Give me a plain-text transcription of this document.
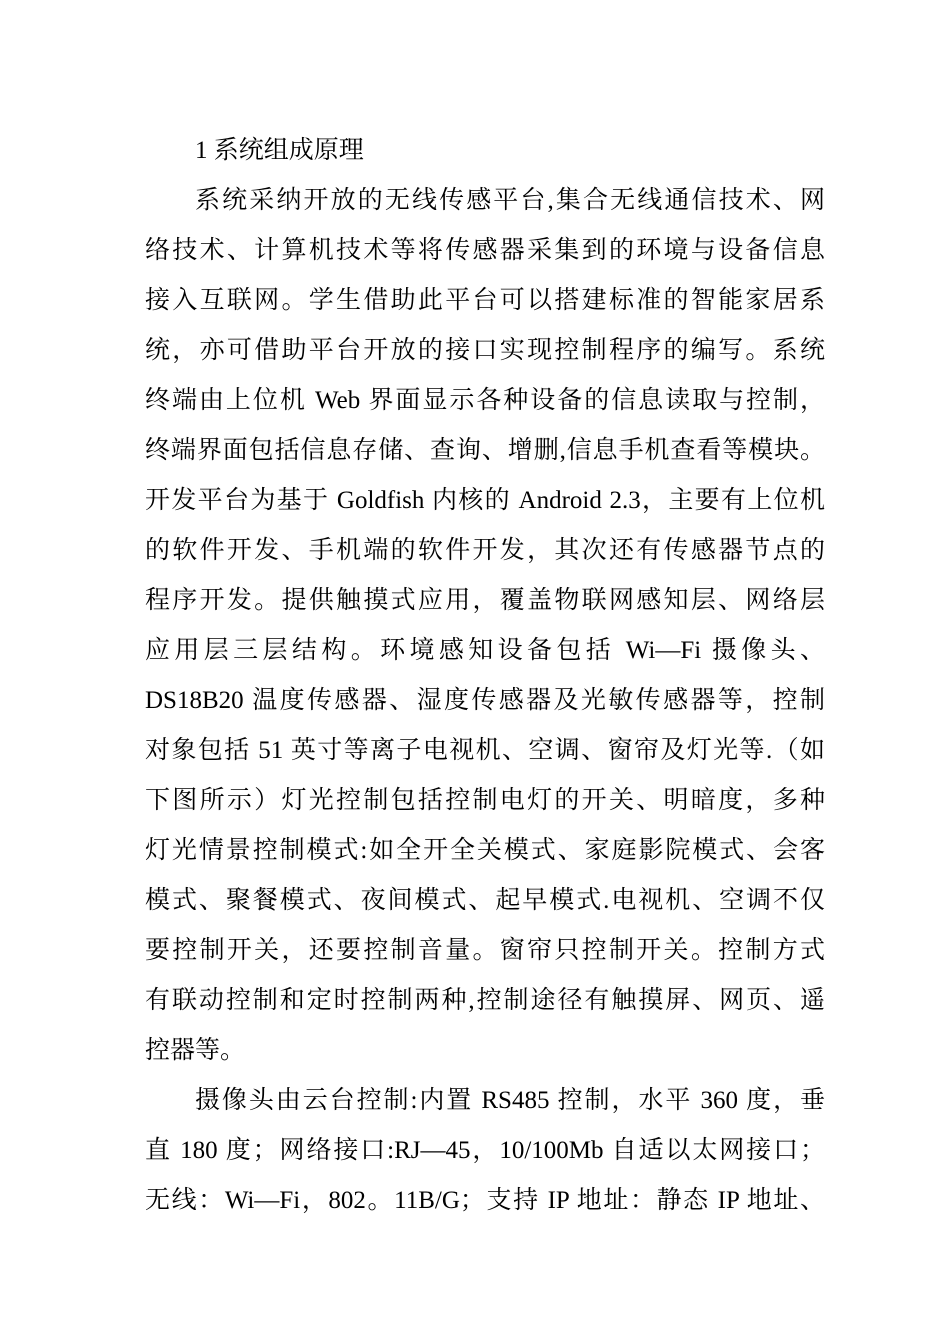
1 系统组成原理
系统采纳开放的无线传感平台,集合无线通信技术、网
络技术、计算机技术等将传感器采集到的环境与设备信息
接入互联网。学生借助此平台可以搭建标准的智能家居系
统，亦可借助平台开放的接口实现控制程序的编写。系统
终端由上位机 Web 界面显示各种设备的信息读取与控制，
终端界面包括信息存储、查询、增删,信息手机查看等模块。
开发平台为基于 Goldfish 内核的 Android 2.3，主要有上位机
的软件开发、手机端的软件开发，其次还有传感器节点的
程序开发。提供触摸式应用，覆盖物联网感知层、网络层
应用层三层结构。环境感知设备包括 Wi—Fi 摄像头、
DS18B20 温度传感器、湿度传感器及光敏传感器等，控制
对象包括 51 英寸等离子电视机、空调、窗帘及灯光等.（如
下图所示）灯光控制包括控制电灯的开关、明暗度，多种
灯光情景控制模式:如全开全关模式、家庭影院模式、会客
模式、聚餐模式、夜间模式、起早模式.电视机、空调不仅
要控制开关，还要控制音量。窗帘只控制开关。控制方式
有联动控制和定时控制两种,控制途径有触摸屏、网页、遥
控器等。
摄像头由云台控制:内置 RS485 控制，水平 360 度，垂
直 180 度；网络接口:RJ—45，10/100Mb 自适以太网接口；
无线：Wi—Fi，802。11B/G；支持 IP 地址：静态 IP 地址、
